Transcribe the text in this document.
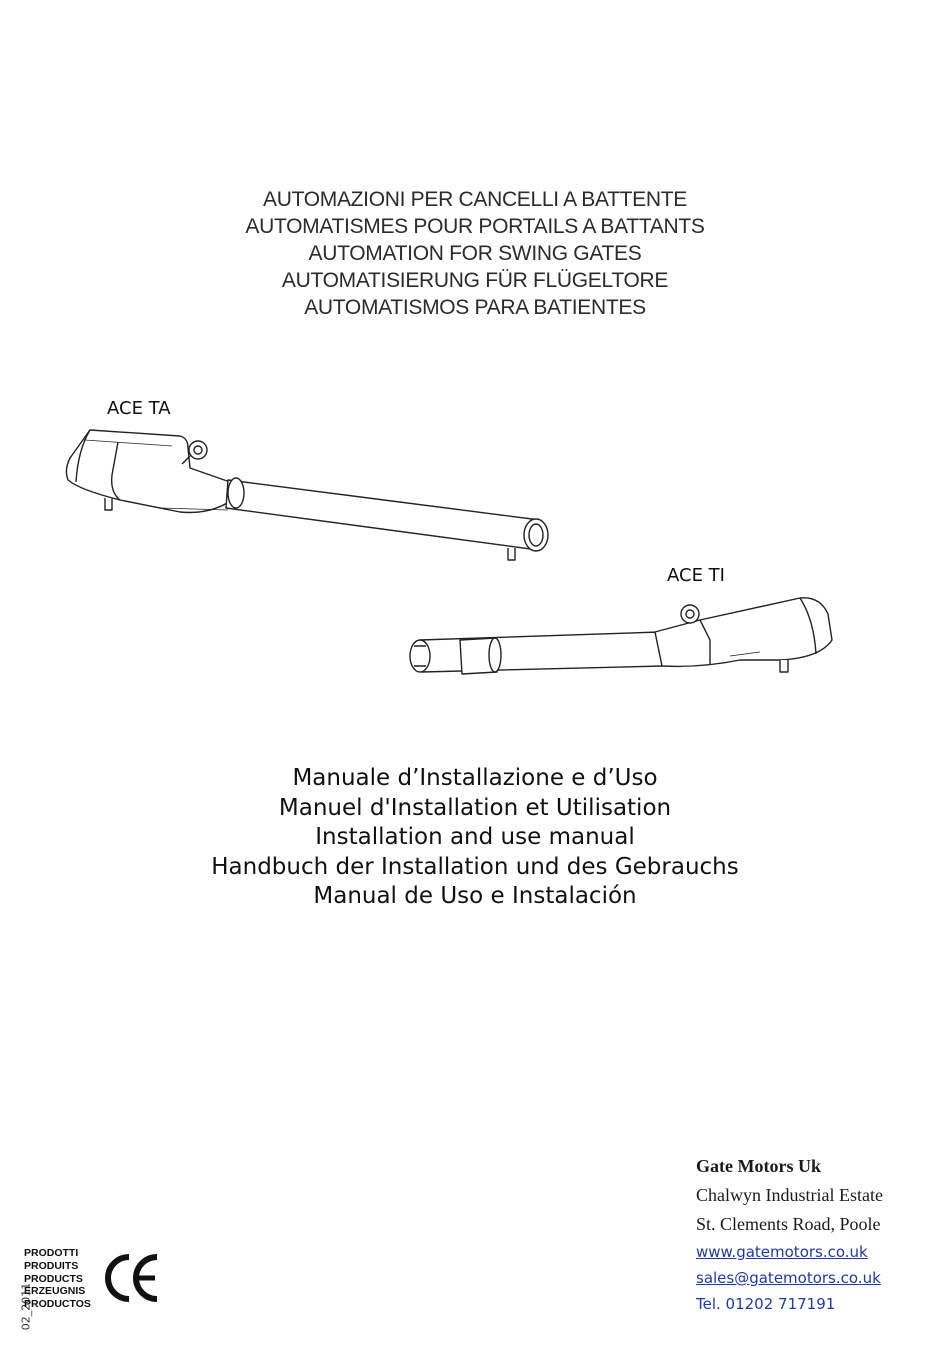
AUTOMAZIONI PER CANCELLI A BATTENTE
AUTOMATISMES POUR PORTAILS A BATTANTS
AUTOMATION FOR SWING GATES
AUTOMATISIERUNG FÜR FLÜGELTORE
AUTOMATISMOS PARA BATIENTES
ACE TA
ACE TI
Manuale d’Installazione e d’Uso
Manuel d'Installation et Utilisation
Installation and use manual
Handbuch der Installation und des Gebrauchs
Manual de Uso e Instalación
Gate Motors Uk
Chalwyn Industrial Estate
St. Clements Road, Poole
www.gatemotors.co.uk
sales@gatemotors.co.uk
Tel. 01202 717191
02_2011
PRODOTTI
PRODUITS
PRODUCTS
ERZEUGNIS
PRODUCTOS
